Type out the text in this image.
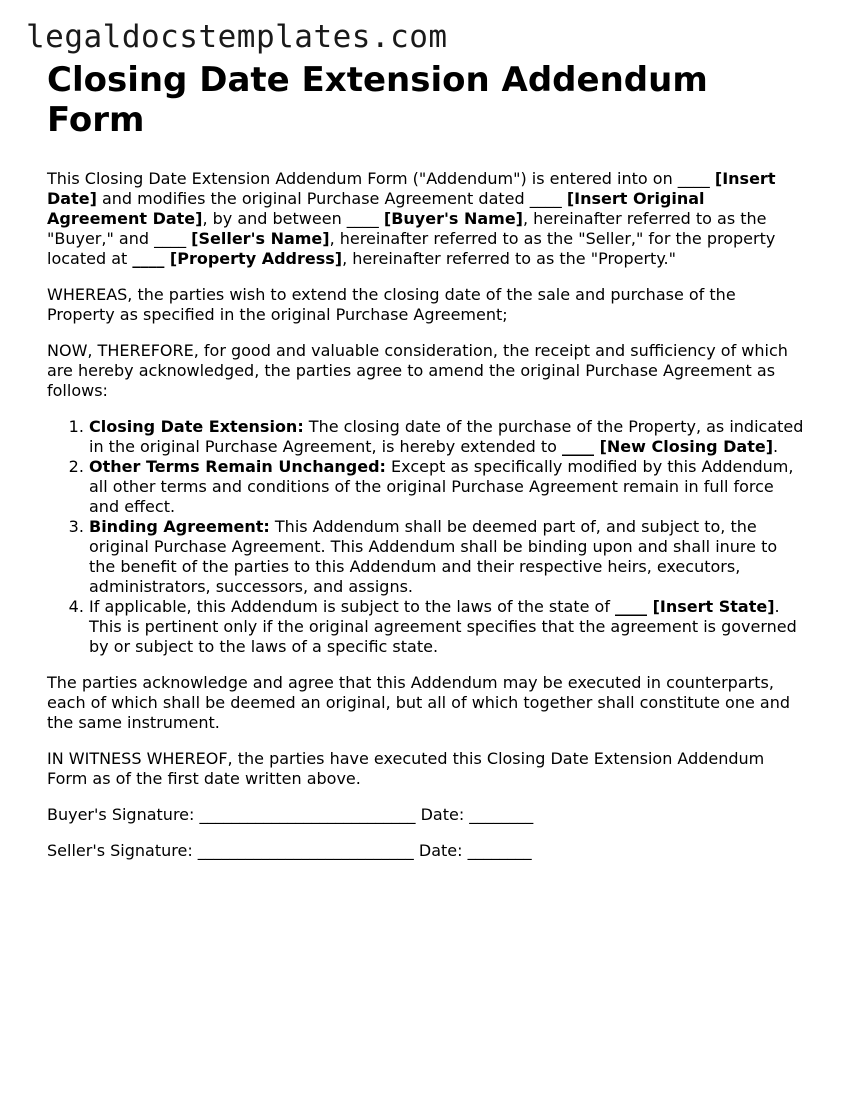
legaldocstemplates.com
Closing Date Extension Addendum Form

This Closing Date Extension Addendum Form ("Addendum") is entered into on ____ [Insert Date] and modifies the original Purchase Agreement dated ____ [Insert Original Agreement Date], by and between ____ [Buyer's Name], hereinafter referred to as the "Buyer," and ____ [Seller's Name], hereinafter referred to as the "Seller," for the property located at ____ [Property Address], hereinafter referred to as the "Property."

WHEREAS, the parties wish to extend the closing date of the sale and purchase of the Property as specified in the original Purchase Agreement;

NOW, THEREFORE, for good and valuable consideration, the receipt and sufficiency of which are hereby acknowledged, the parties agree to amend the original Purchase Agreement as follows:

1. Closing Date Extension: The closing date of the purchase of the Property, as indicated in the original Purchase Agreement, is hereby extended to ____ [New Closing Date].
2. Other Terms Remain Unchanged: Except as specifically modified by this Addendum, all other terms and conditions of the original Purchase Agreement remain in full force and effect.
3. Binding Agreement: This Addendum shall be deemed part of, and subject to, the original Purchase Agreement. This Addendum shall be binding upon and shall inure to the benefit of the parties to this Addendum and their respective heirs, executors, administrators, successors, and assigns.
4. If applicable, this Addendum is subject to the laws of the state of ____ [Insert State]. This is pertinent only if the original agreement specifies that the agreement is governed by or subject to the laws of a specific state.

The parties acknowledge and agree that this Addendum may be executed in counterparts, each of which shall be deemed an original, but all of which together shall constitute one and the same instrument.

IN WITNESS WHEREOF, the parties have executed this Closing Date Extension Addendum Form as of the first date written above.

Buyer's Signature: ___________________________ Date: ________
Seller's Signature: ___________________________ Date: ________
